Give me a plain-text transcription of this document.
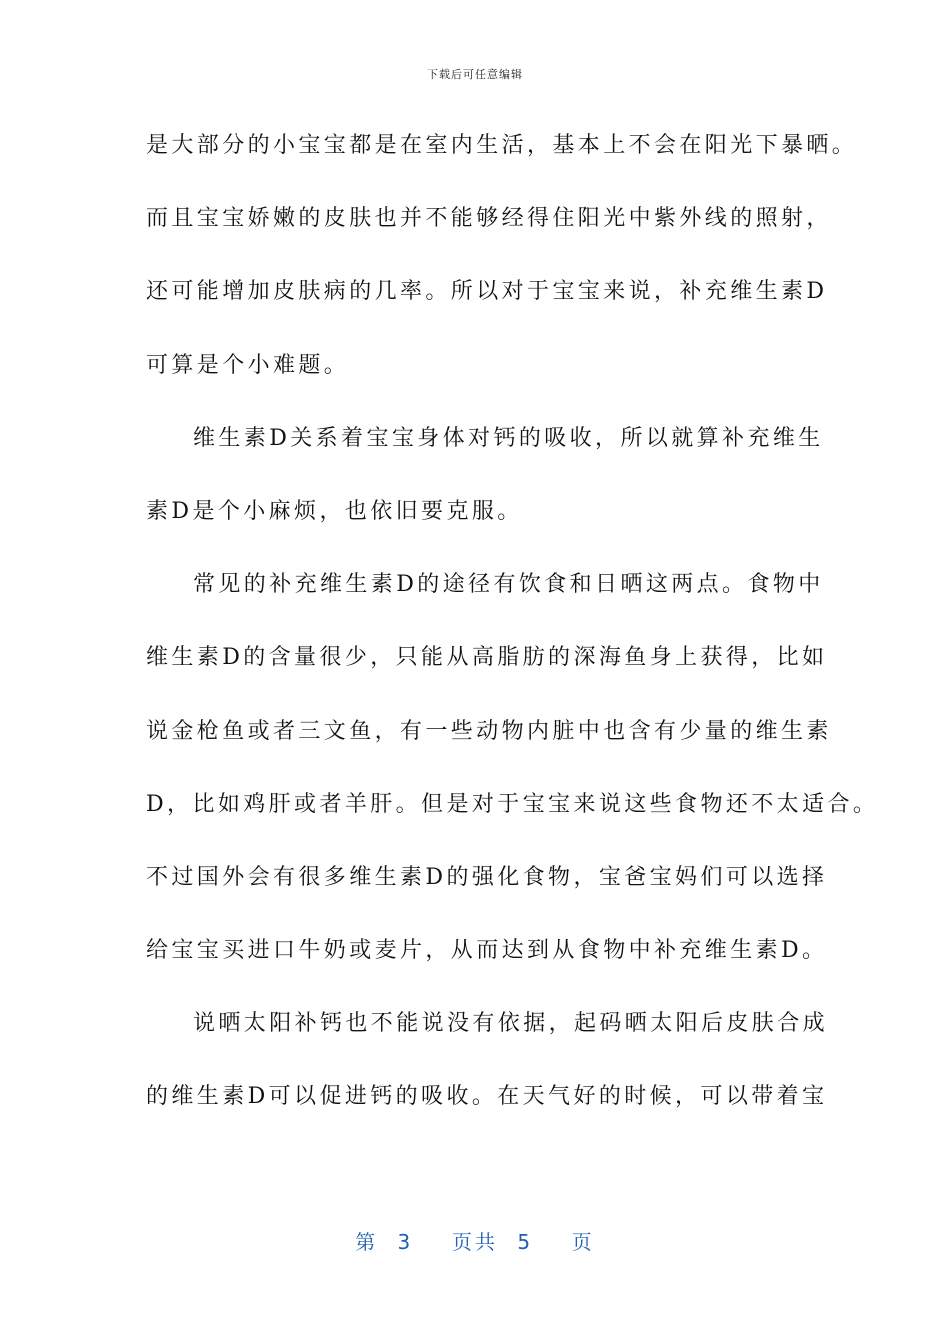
下载后可任意编辑
是大部分的小宝宝都是在室内生活，基本上不会在阳光下暴晒。
而且宝宝娇嫩的皮肤也并不能够经得住阳光中紫外线的照射，
还可能增加皮肤病的几率。所以对于宝宝来说，补充维生素D
可算是个小难题。
维生素D关系着宝宝身体对钙的吸收，所以就算补充维生
素D是个小麻烦，也依旧要克服。
常见的补充维生素D的途径有饮食和日晒这两点。食物中
维生素D的含量很少，只能从高脂肪的深海鱼身上获得，比如
说金枪鱼或者三文鱼，有一些动物内脏中也含有少量的维生素
D，比如鸡肝或者羊肝。但是对于宝宝来说这些食物还不太适合。
不过国外会有很多维生素D的强化食物，宝爸宝妈们可以选择
给宝宝买进口牛奶或麦片，从而达到从食物中补充维生素D。
说晒太阳补钙也不能说没有依据，起码晒太阳后皮肤合成
的维生素D可以促进钙的吸收。在天气好的时候，可以带着宝
第 3  页共 5  页
